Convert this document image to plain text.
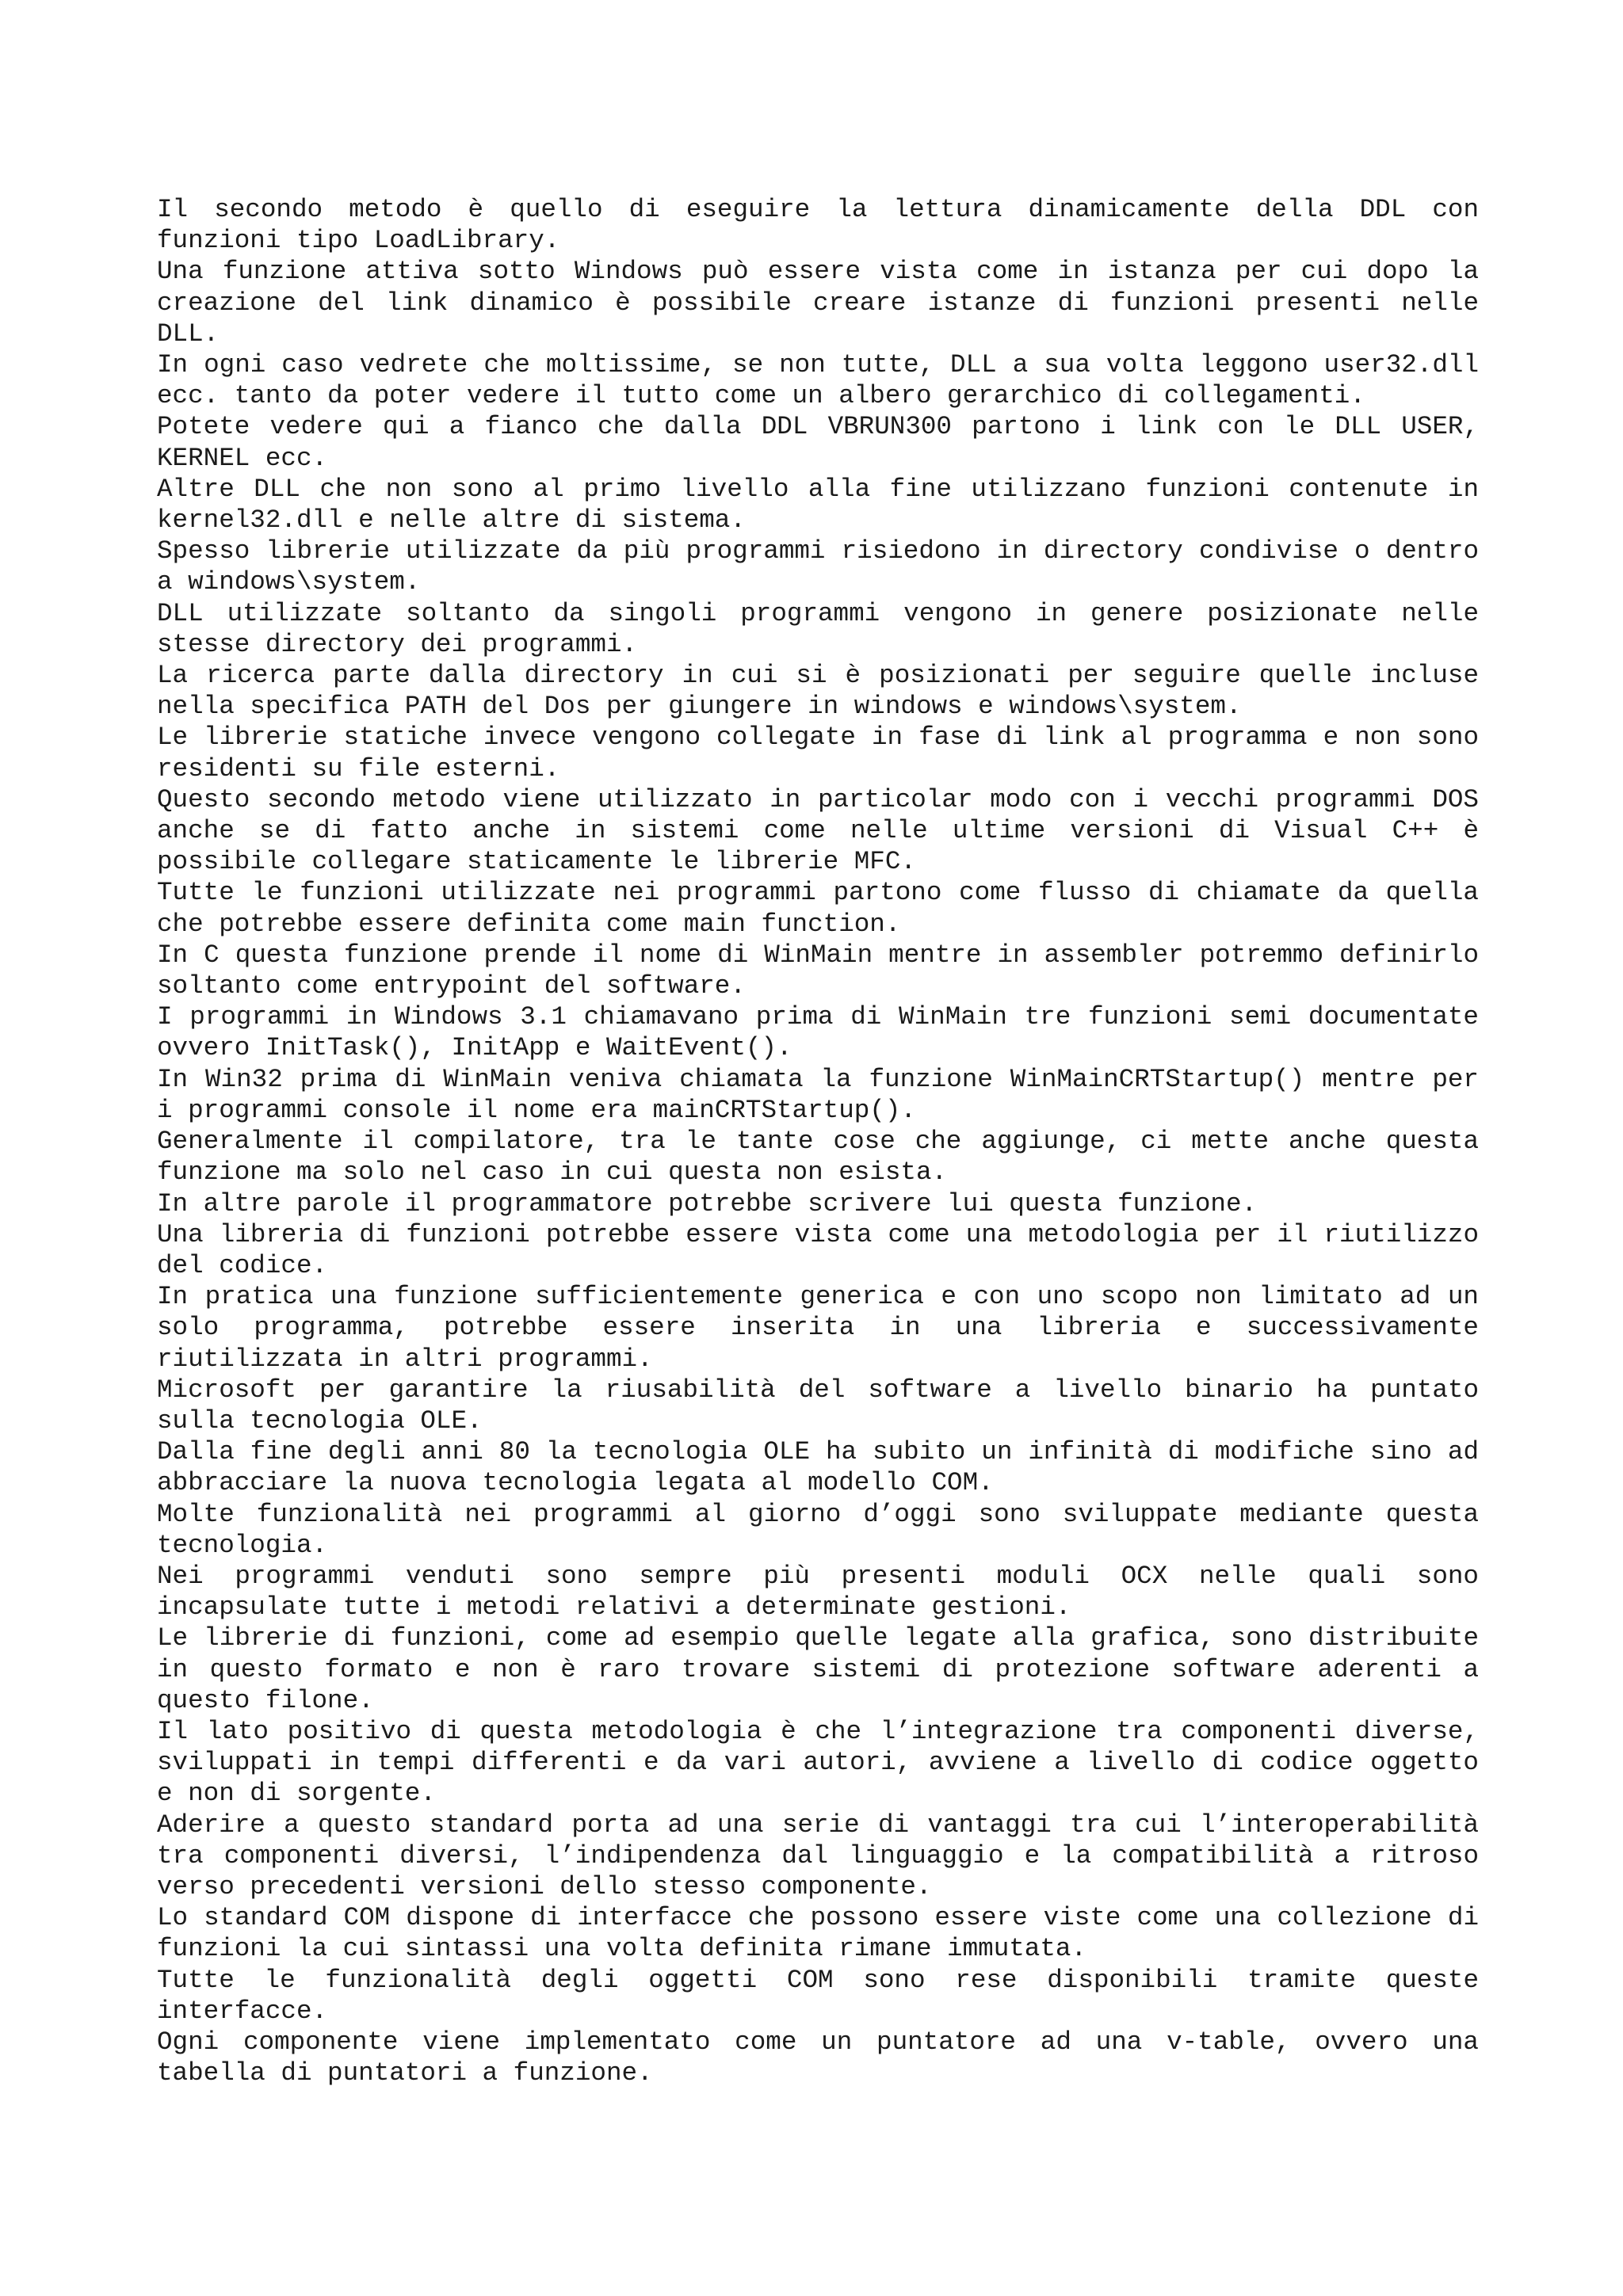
Il secondo metodo è quello di eseguire la lettura dinamicamente della DDL con funzioni tipo LoadLibrary.

Una funzione attiva sotto Windows può essere vista come in istanza per cui dopo la creazione del link dinamico è possibile creare istanze di funzioni presenti nelle DLL.

In ogni caso vedrete che moltissime, se non tutte, DLL a sua volta leggono user32.dll ecc. tanto da poter vedere il tutto come un albero gerarchico di collegamenti.

Potete vedere qui a fianco che dalla DDL VBRUN300 partono i link con le DLL USER, KERNEL ecc.

Altre DLL che non sono al primo livello alla fine utilizzano funzioni contenute in kernel32.dll e nelle altre di sistema.

Spesso librerie utilizzate da più programmi risiedono in directory condivise o dentro a windows\system.

DLL utilizzate soltanto da singoli programmi vengono in genere posizionate nelle stesse directory dei programmi.

La ricerca parte dalla directory in cui si è posizionati per seguire quelle incluse nella specifica PATH del Dos per giungere in windows e windows\system.

Le librerie statiche invece vengono collegate in fase di link al programma e non sono residenti su file esterni.

Questo secondo metodo viene utilizzato in particolar modo con i vecchi programmi DOS anche se di fatto anche in sistemi come nelle ultime versioni di Visual C++ è possibile collegare staticamente le librerie MFC.

Tutte le funzioni utilizzate nei programmi partono come flusso di chiamate da quella che potrebbe essere definita come main function.

In C questa funzione prende il nome di WinMain mentre in assembler potremmo definirlo soltanto come entrypoint del software.

I programmi in Windows 3.1 chiamavano prima di WinMain tre funzioni semi documentate ovvero InitTask(), InitApp e WaitEvent().

In Win32 prima di WinMain veniva chiamata la funzione WinMainCRTStartup() mentre per i programmi console il nome era mainCRTStartup().

Generalmente il compilatore, tra le tante cose che aggiunge, ci mette anche questa funzione ma solo nel caso in cui questa non esista.

In altre parole il programmatore potrebbe scrivere lui questa funzione.

Una libreria di funzioni potrebbe essere vista come una metodologia per il riutilizzo del codice.

In pratica una funzione sufficientemente generica e con uno scopo non limitato ad un solo programma, potrebbe essere inserita in una libreria e successivamente riutilizzata in altri programmi.

Microsoft per garantire la riusabilità del software a livello binario ha puntato sulla tecnologia OLE.

Dalla fine degli anni 80 la tecnologia OLE ha subito un infinità di modifiche sino ad abbracciare la nuova tecnologia legata al modello COM.

Molte funzionalità nei programmi al giorno d’oggi sono sviluppate mediante questa tecnologia.

Nei programmi venduti sono sempre più presenti moduli OCX nelle quali sono incapsulate tutte i metodi relativi a determinate gestioni.

Le librerie di funzioni, come ad esempio quelle legate alla grafica, sono distribuite in questo formato e non è raro trovare sistemi di protezione software aderenti a questo filone.

Il lato positivo di questa metodologia è che l’integrazione tra componenti diverse, sviluppati in tempi differenti e da vari autori, avviene a livello di codice oggetto e non di sorgente.

Aderire a questo standard porta ad una serie di vantaggi tra cui l’interoperabilità tra componenti diversi, l’indipendenza dal linguaggio e la compatibilità a ritroso verso precedenti versioni dello stesso componente.

Lo standard COM dispone di interfacce che possono essere viste come una collezione di funzioni la cui sintassi una volta definita rimane immutata.

Tutte le funzionalità degli oggetti COM sono rese disponibili tramite queste interfacce.

Ogni componente viene implementato come un puntatore ad una v-table, ovvero una tabella di puntatori a funzione.
